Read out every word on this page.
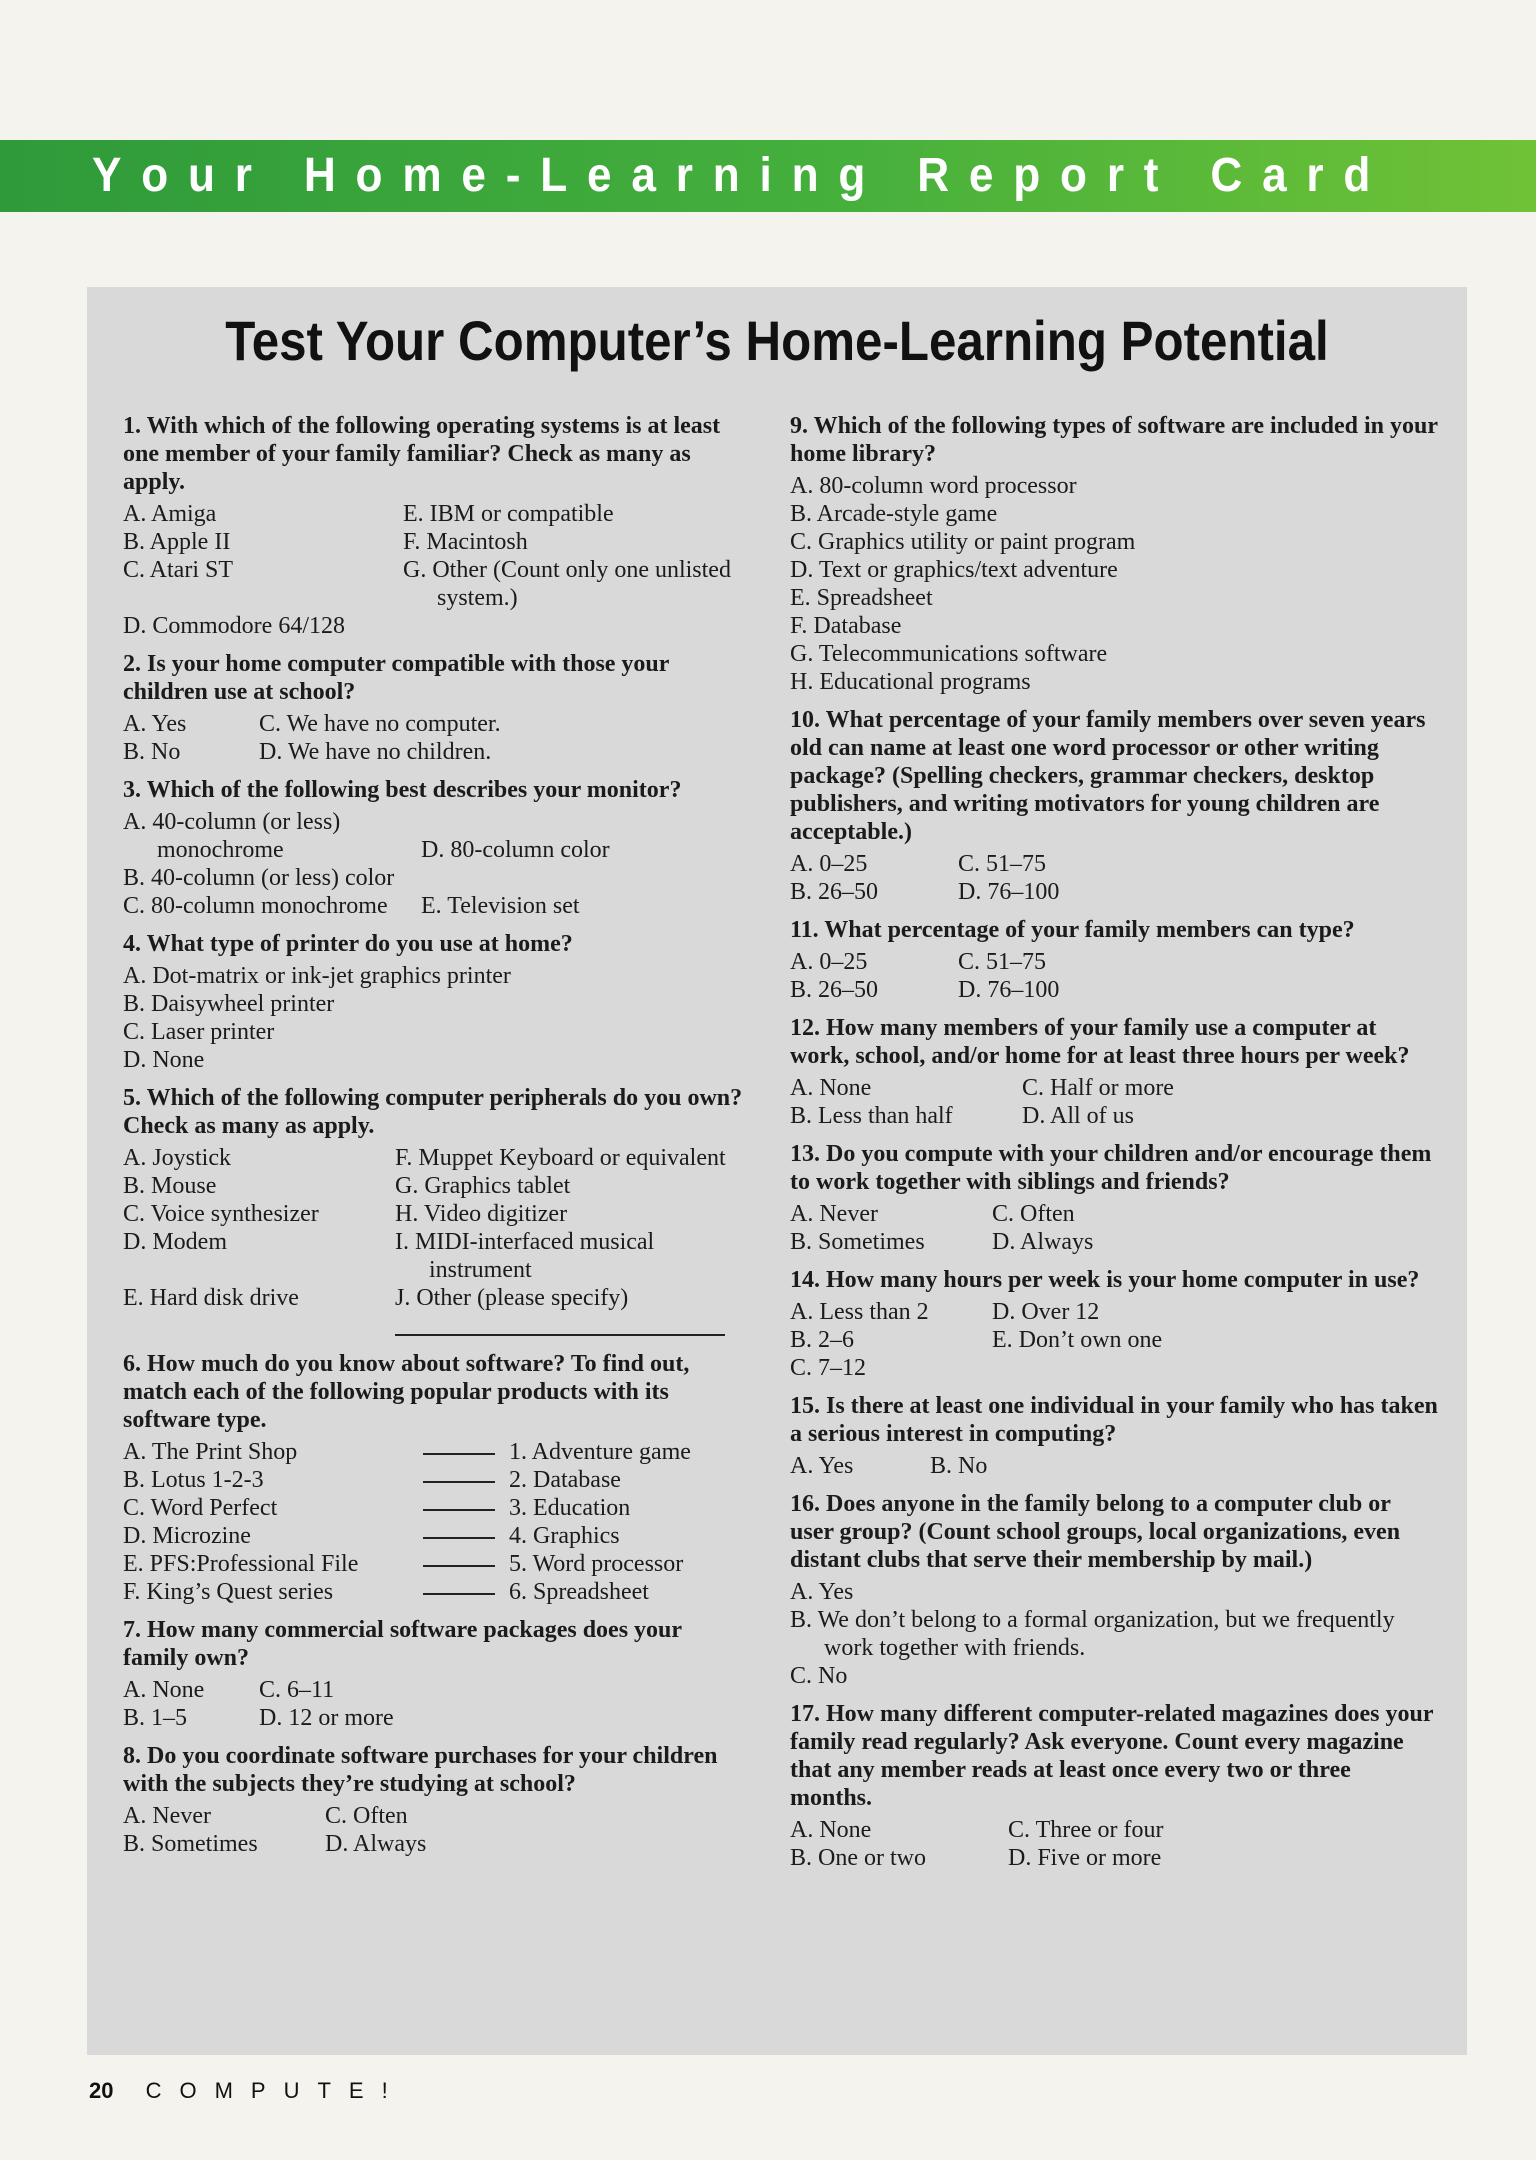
Y o u r
H o m e - L e a r n i n g
R e p o r t
C a r d
Test Your Computer’s Home-Learning Potential
1. With which of the following operating systems is at least one member of your family familiar? Check as many as apply.
A. Amiga
B. Apple II
C. Atari ST
E. IBM or compatible
F. Macintosh
G. Other (Count only one unlisted system.)
D. Commodore 64/128
2. Is your home computer compatible with those your children use at school?
A. Yes	C. We have no computer.
B. No	D. We have no children.
3. Which of the following best describes your monitor?
A. 40-column (or less) monochrome
B. 40-column (or less) color
C. 80-column monochrome
D. 80-column color
E. Television set
4. What type of printer do you use at home?
A. Dot-matrix or ink-jet graphics printer
B. Daisywheel printer
C. Laser printer
D. None
5. Which of the following computer peripherals do you own? Check as many as apply.
A. Joystick	F. Muppet Keyboard or equivalent
B. Mouse	G. Graphics tablet
C. Voice synthesizer	H. Video digitizer
D. Modem	I. MIDI-interfaced musical instrument
E. Hard disk drive	J. Other (please specify)
6. How much do you know about software? To find out, match each of the following popular products with its software type.
A. The Print Shop	1. Adventure game
B. Lotus 1-2-3	2. Database
C. Word Perfect	3. Education
D. Microzine	4. Graphics
E. PFS:Professional File	5. Word processor
F. King’s Quest series	6. Spreadsheet
7. How many commercial software packages does your family own?
A. None	C. 6–11
B. 1–5	D. 12 or more
8. Do you coordinate software purchases for your children with the subjects they’re studying at school?
A. Never	C. Often
B. Sometimes	D. Always
9. Which of the following types of software are included in your home library?
A. 80-column word processor
B. Arcade-style game
C. Graphics utility or paint program
D. Text or graphics/text adventure
E. Spreadsheet
F. Database
G. Telecommunications software
H. Educational programs
10. What percentage of your family members over seven years old can name at least one word processor or other writing package? (Spelling checkers, grammar checkers, desktop publishers, and writing motivators for young children are acceptable.)
A. 0–25	C. 51–75
B. 26–50	D. 76–100
11. What percentage of your family members can type?
A. 0–25	C. 51–75
B. 26–50	D. 76–100
12. How many members of your family use a computer at work, school, and/or home for at least three hours per week?
A. None	C. Half or more
B. Less than half	D. All of us
13. Do you compute with your children and/or encourage them to work together with siblings and friends?
A. Never	C. Often
B. Sometimes	D. Always
14. How many hours per week is your home computer in use?
A. Less than 2	D. Over 12
B. 2–6	E. Don’t own one
C. 7–12
15. Is there at least one individual in your family who has taken a serious interest in computing?
A. Yes	B. No
16. Does anyone in the family belong to a computer club or user group? (Count school groups, local organizations, even distant clubs that serve their membership by mail.)
A. Yes
B. We don’t belong to a formal organization, but we frequently work together with friends.
C. No
17. How many different computer-related magazines does your family read regularly? Ask everyone. Count every magazine that any member reads at least once every two or three months.
A. None	C. Three or four
B. One or two	D. Five or more
20 COMPUTE!
